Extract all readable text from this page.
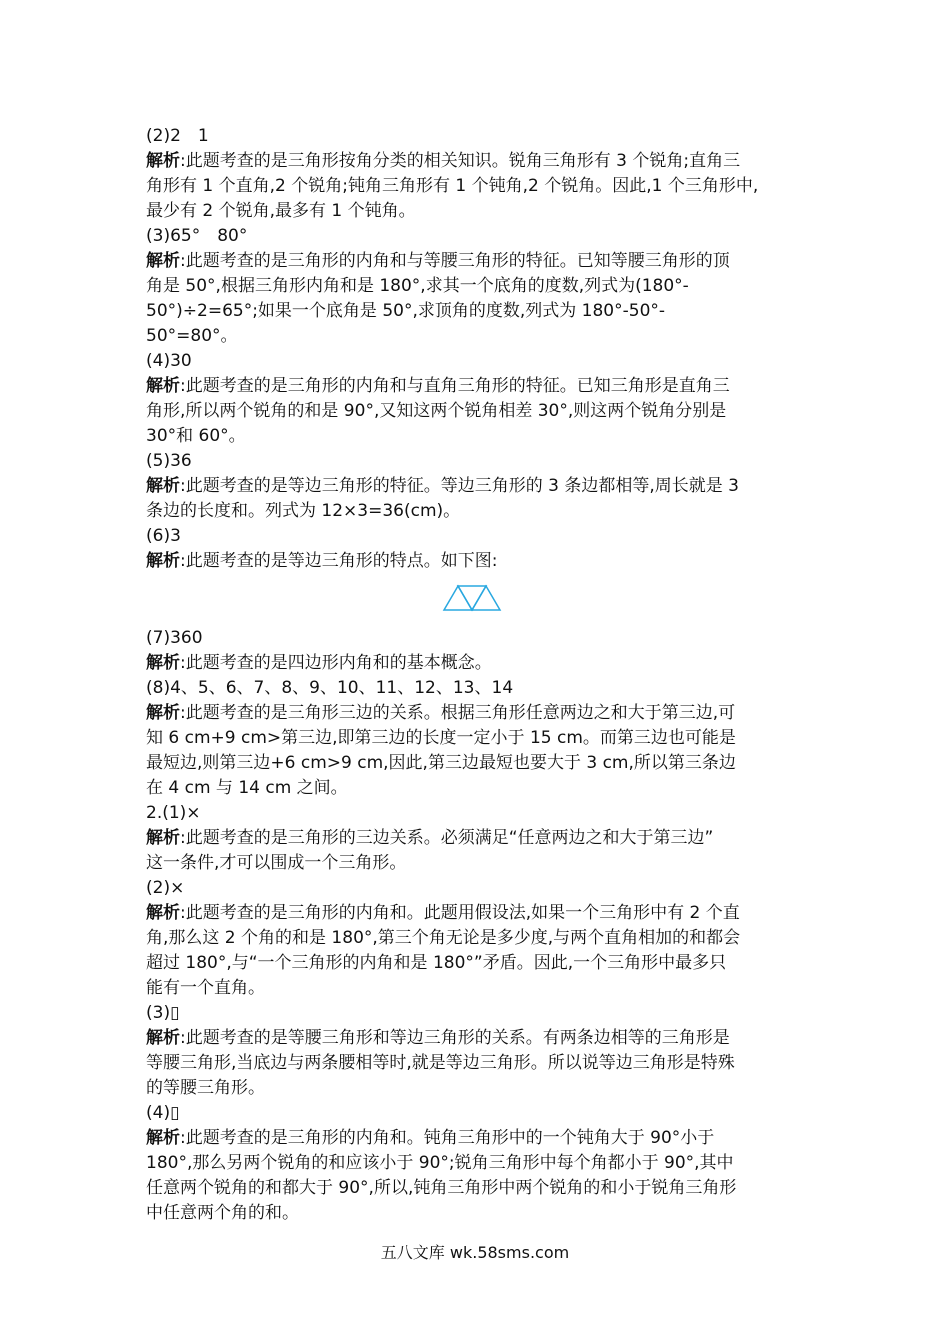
(2)2　1

解析:此题考查的是三角形按角分类的相关知识。锐角三角形有 3 个锐角;直角三

角形有 1 个直角,2 个锐角;钝角三角形有 1 个钝角,2 个锐角。因此,1 个三角形中,

最少有 2 个锐角,最多有 1 个钝角。

(3)65°　80°

解析:此题考查的是三角形的内角和与等腰三角形的特征。已知等腰三角形的顶

角是 50°,根据三角形内角和是 180°,求其一个底角的度数,列式为(180°-

50°)÷2=65°;如果一个底角是 50°,求顶角的度数,列式为 180°-50°-

50°=80°。

(4)30

解析:此题考查的是三角形的内角和与直角三角形的特征。已知三角形是直角三

角形,所以两个锐角的和是 90°,又知这两个锐角相差 30°,则这两个锐角分别是

30°和 60°。

(5)36

解析:此题考查的是等边三角形的特征。等边三角形的 3 条边都相等,周长就是 3

条边的长度和。列式为 12×3=36(cm)。

(6)3

解析:此题考查的是等边三角形的特点。如下图:

(7)360

解析:此题考查的是四边形内角和的基本概念。

(8)4、5、6、7、8、9、10、11、12、13、14

解析:此题考查的是三角形三边的关系。根据三角形任意两边之和大于第三边,可

知 6 cm+9 cm>第三边,即第三边的长度一定小于 15 cm。而第三边也可能是

最短边,则第三边+6 cm>9 cm,因此,第三边最短也要大于 3 cm,所以第三条边

在 4 cm 与 14 cm 之间。

2.(1)×

解析:此题考查的是三角形的三边关系。必须满足“任意两边之和大于第三边”

这一条件,才可以围成一个三角形。

(2)×

解析:此题考查的是三角形的内角和。此题用假设法,如果一个三角形中有 2 个直

角,那么这 2 个角的和是 180°,第三个角无论是多少度,与两个直角相加的和都会

超过 180°,与“一个三角形的内角和是 180°”矛盾。因此,一个三角形中最多只

能有一个直角。

(3)▯

解析:此题考查的是等腰三角形和等边三角形的关系。有两条边相等的三角形是

等腰三角形,当底边与两条腰相等时,就是等边三角形。所以说等边三角形是特殊

的等腰三角形。

(4)▯

解析:此题考查的是三角形的内角和。钝角三角形中的一个钝角大于 90°小于

180°,那么另两个锐角的和应该小于 90°;锐角三角形中每个角都小于 90°,其中

任意两个锐角的和都大于 90°,所以,钝角三角形中两个锐角的和小于锐角三角形

中任意两个角的和。

五八文库 wk.58sms.com
